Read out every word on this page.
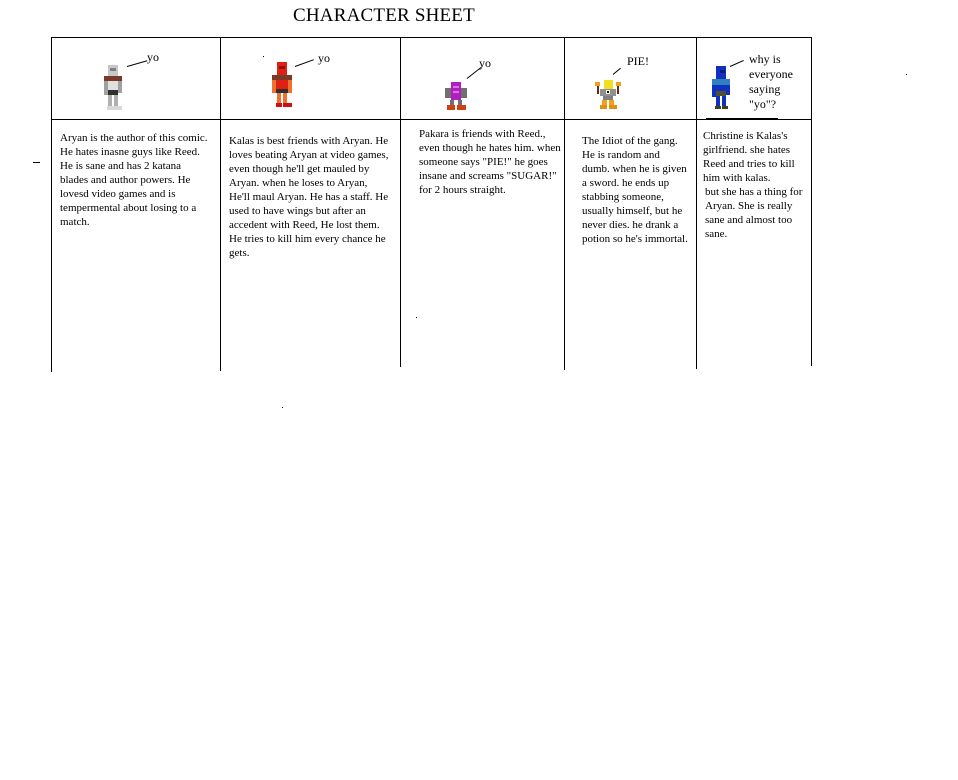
CHARACTER SHEET
yo
Aryan is the author of this comic. He hates inasne guys like Reed. He is sane and has 2 katana blades and author powers. He lovesd video games and is tempermental about losing to a match.
yo
Kalas is best friends with Aryan. He loves beating Aryan at video games, even though he'll get mauled by Aryan. when he loses to Aryan, He'll maul Aryan. He has a staff. He used to have wings but after an accedent with Reed, He lost them. He tries to kill him every chance he gets.
yo
Pakara is friends with Reed., even though he hates him. when someone says "PIE!" he goes insane and screams "SUGAR!" for 2 hours straight.
PIE!
The Idiot of the gang. He is random and dumb. when he is given a sword. he ends up stabbing someone, usually himself, but he never dies. he drank a potion so he's immortal.
why is
everyone
saying
"yo"?
Christine is Kalas's girlfriend. she hates Reed and tries to kill him with kalas.
but she has a thing for Aryan. She is really sane and almost too sane.
